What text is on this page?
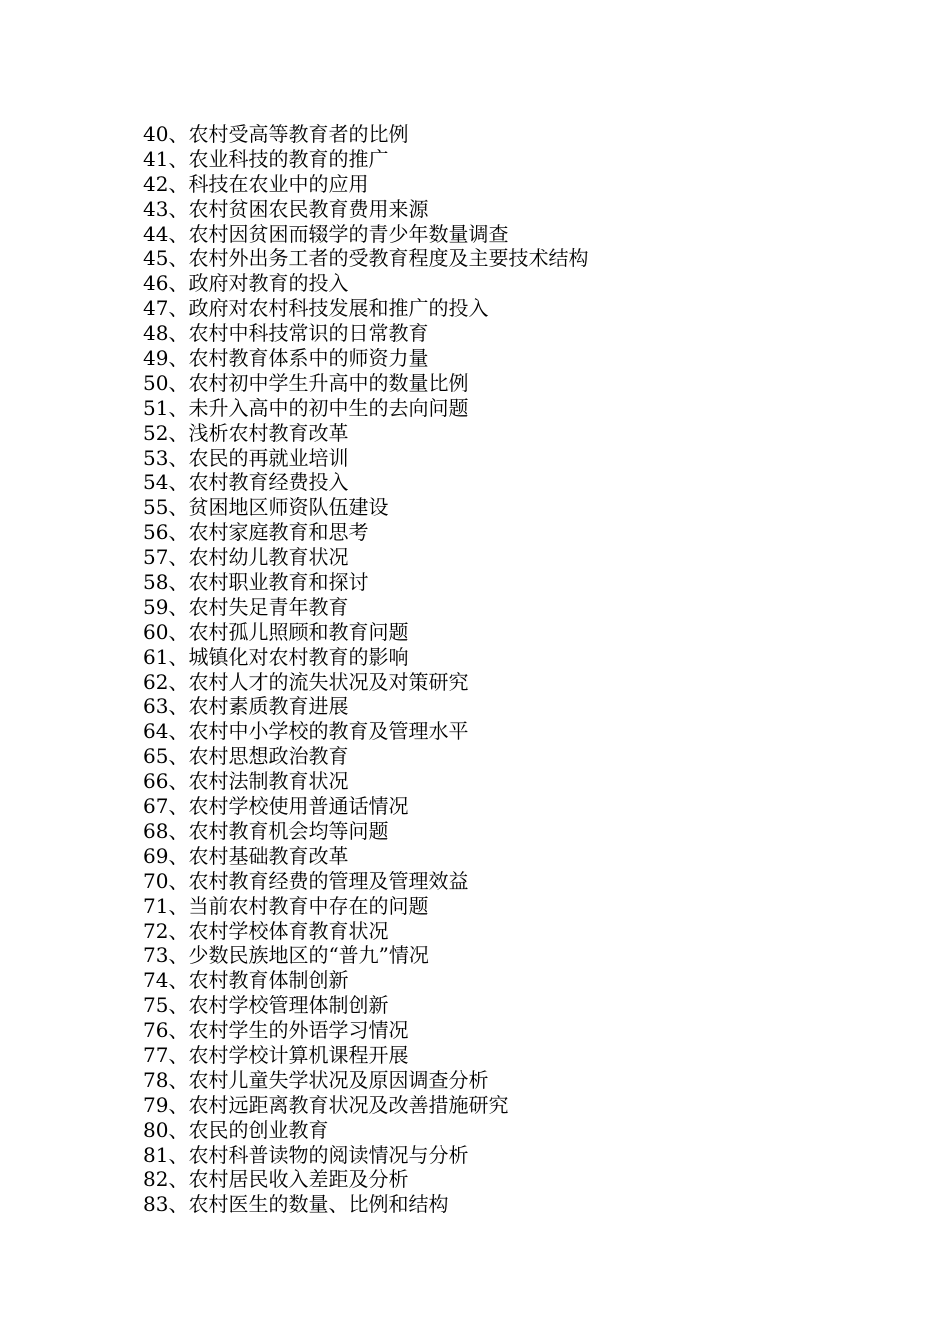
40、农村受高等教育者的比例
41、农业科技的教育的推广
42、科技在农业中的应用
43、农村贫困农民教育费用来源
44、农村因贫困而辍学的青少年数量调查
45、农村外出务工者的受教育程度及主要技术结构
46、政府对教育的投入
47、政府对农村科技发展和推广的投入
48、农村中科技常识的日常教育
49、农村教育体系中的师资力量
50、农村初中学生升高中的数量比例
51、未升入高中的初中生的去向问题
52、浅析农村教育改革
53、农民的再就业培训
54、农村教育经费投入
55、贫困地区师资队伍建设
56、农村家庭教育和思考
57、农村幼儿教育状况
58、农村职业教育和探讨
59、农村失足青年教育
60、农村孤儿照顾和教育问题
61、城镇化对农村教育的影响
62、农村人才的流失状况及对策研究
63、农村素质教育进展
64、农村中小学校的教育及管理水平
65、农村思想政治教育
66、农村法制教育状况
67、农村学校使用普通话情况
68、农村教育机会均等问题
69、农村基础教育改革
70、农村教育经费的管理及管理效益
71、当前农村教育中存在的问题
72、农村学校体育教育状况
73、少数民族地区的“普九”情况
74、农村教育体制创新
75、农村学校管理体制创新
76、农村学生的外语学习情况
77、农村学校计算机课程开展
78、农村儿童失学状况及原因调查分析
79、农村远距离教育状况及改善措施研究
80、农民的创业教育
81、农村科普读物的阅读情况与分析
82、农村居民收入差距及分析
83、农村医生的数量、比例和结构
